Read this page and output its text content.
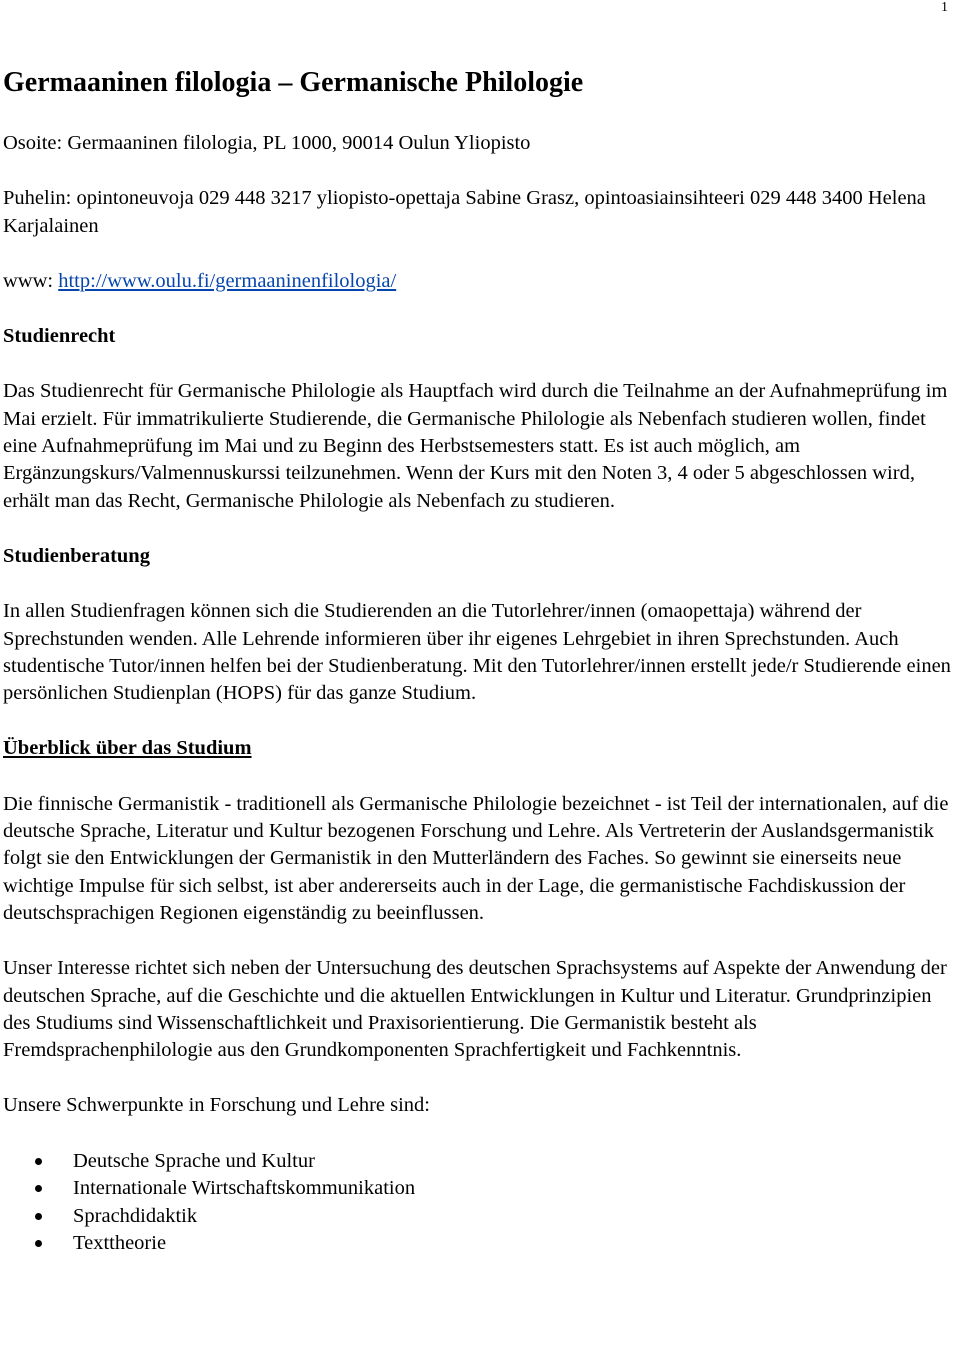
1
Germaaninen filologia – Germanische Philologie

Osoite: Germaaninen filologia, PL 1000, 90014 Oulun Yliopisto

Puhelin: opintoneuvoja 029 448 3217 yliopisto-opettaja Sabine Grasz, opintoasiainsihteeri 029 448 3400 Helena Karjalainen

www: http://www.oulu.fi/germaaninenfilologia/

Studienrecht

Das Studienrecht für Germanische Philologie als Hauptfach wird durch die Teilnahme an der Aufnahmeprüfung im Mai erzielt. Für immatrikulierte Studierende, die Germanische Philologie als Nebenfach studieren wollen, findet eine Aufnahmeprüfung im Mai und zu Beginn des Herbstsemesters statt. Es ist auch möglich, am Ergänzungskurs/Valmennuskurssi teilzunehmen. Wenn der Kurs mit den Noten 3, 4 oder 5 abgeschlossen wird, erhält man das Recht, Germanische Philologie als Nebenfach zu studieren.

Studienberatung

In allen Studienfragen können sich die Studierenden an die Tutorlehrer/innen (omaopettaja) während der Sprechstunden wenden. Alle Lehrende informieren über ihr eigenes Lehrgebiet in ihren Sprechstunden. Auch studentische Tutor/innen helfen bei der Studienberatung. Mit den Tutorlehrer/innen erstellt jede/r Studierende einen persönlichen Studienplan (HOPS) für das ganze Studium.

Überblick über das Studium

Die finnische Germanistik - traditionell als Germanische Philologie bezeichnet - ist Teil der internationalen, auf die deutsche Sprache, Literatur und Kultur bezogenen Forschung und Lehre. Als Vertreterin der Auslandsgermanistik folgt sie den Entwicklungen der Germanistik in den Mutterländern des Faches. So gewinnt sie einerseits neue wichtige Impulse für sich selbst, ist aber andererseits auch in der Lage, die germanistische Fachdiskussion der deutschsprachigen Regionen eigenständig zu beeinflussen.

Unser Interesse richtet sich neben der Untersuchung des deutschen Sprachsystems auf Aspekte der Anwendung der deutschen Sprache, auf die Geschichte und die aktuellen Entwicklungen in Kultur und Literatur. Grundprinzipien des Studiums sind Wissenschaftlichkeit und Praxisorientierung. Die Germanistik besteht als Fremdsprachenphilologie aus den Grundkomponenten Sprachfertigkeit und Fachkenntnis.

Unsere Schwerpunkte in Forschung und Lehre sind:

Deutsche Sprache und Kultur
Internationale Wirtschaftskommunikation
Sprachdidaktik
Texttheorie
